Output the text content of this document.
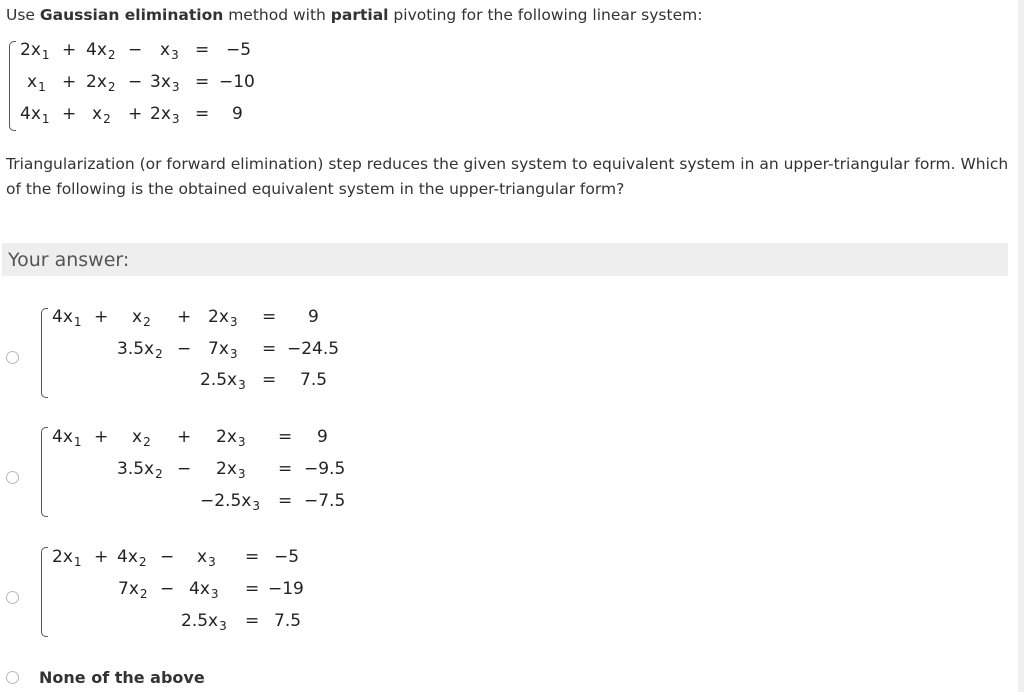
Use Gaussian elimination method with partial pivoting for the following linear system:
$2x_1 + 4x_2 - x_3 = -5$
$x_1 + 2x_2 - 3x_3 = -10$
$4x_1 + x_2 + 2x_3 = 9$
Triangularization (or forward elimination) step reduces the given system to equivalent system in an upper-triangular form. Which
of the following is the obtained equivalent system in the upper-triangular form?
Your answer:
$4x_1 + x_2 + 2x_3 = 9$
$3.5x_2 - 7x_3 = -24.5$
$2.5x_3 = 7.5$
$4x_1 + x_2 + 2x_3 = 9$
$3.5x_2 - 2x_3 = -9.5$
$-2.5x_3 = -7.5$
$2x_1 + 4x_2 - x_3 = -5$
$7x_2 - 4x_3 = -19$
$2.5x_3 = 7.5$
None of the above
